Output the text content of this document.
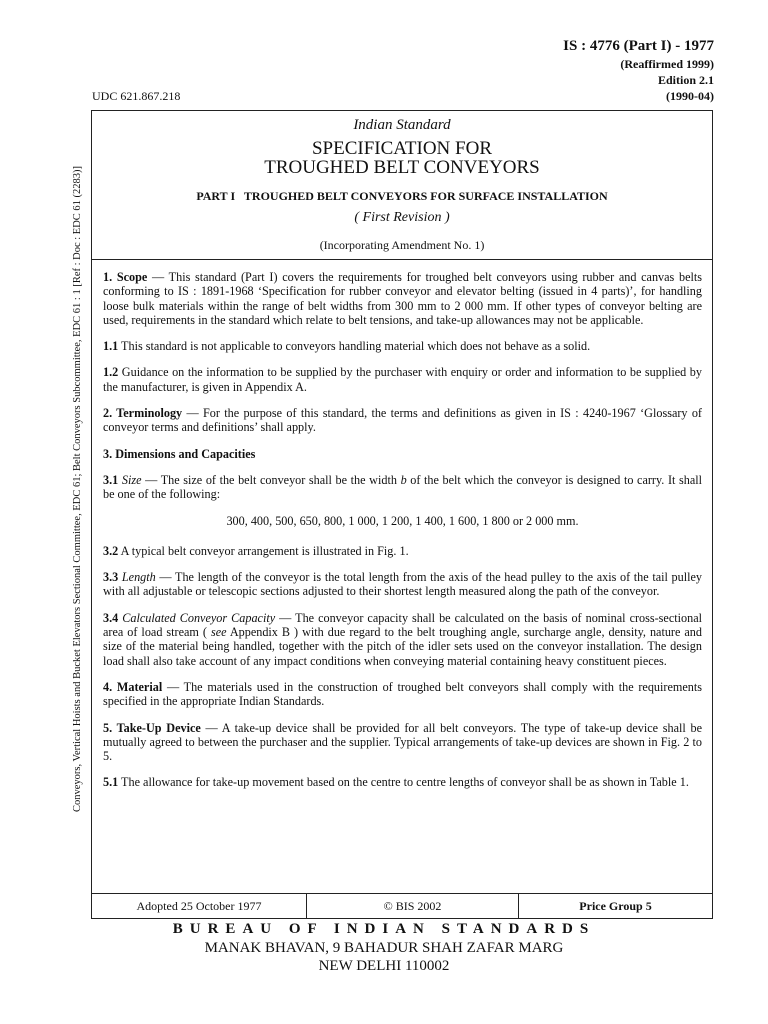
IS : 4776 (Part I) - 1977
(Reaffirmed 1999)
Edition 2.1
(1990-04)
UDC 621.867.218
Conveyors, Vertical Hoists and Bucket Elevators Sectional Committee, EDC 61; Belt Conveyors Subcommittee, EDC 61 : 1 [Ref : Doc : EDC 61 (2283)]
Indian Standard
SPECIFICATION FOR
TROUGHED BELT CONVEYORS
PART I   TROUGHED BELT CONVEYORS FOR SURFACE INSTALLATION
( First Revision )
(Incorporating Amendment No. 1)

1. Scope — This standard (Part I) covers the requirements for troughed belt conveyors using rubber and canvas belts conforming to IS : 1891-1968 ‘Specification for rubber conveyor and elevator belting (issued in 4 parts)’, for handling loose bulk materials within the range of belt widths from 300 mm to 2 000 mm. If other types of conveyor belting are used, requirements in the standard which relate to belt tensions, and take-up allowances may not be applicable.

1.1 This standard is not applicable to conveyors handling material which does not behave as a solid.

1.2 Guidance on the information to be supplied by the purchaser with enquiry or order and information to be supplied by the manufacturer, is given in Appendix A.

2. Terminology — For the purpose of this standard, the terms and definitions as given in IS : 4240-1967 ‘Glossary of conveyor terms and definitions’ shall apply.

3. Dimensions and Capacities

3.1 Size — The size of the belt conveyor shall be the width b of the belt which the conveyor is designed to carry. It shall be one of the following:

300, 400, 500, 650, 800, 1 000, 1 200, 1 400, 1 600, 1 800 or 2 000 mm.

3.2 A typical belt conveyor arrangement is illustrated in Fig. 1.

3.3 Length — The length of the conveyor is the total length from the axis of the head pulley to the axis of the tail pulley with all adjustable or telescopic sections adjusted to their shortest length measured along the path of the conveyor.

3.4 Calculated Conveyor Capacity — The conveyor capacity shall be calculated on the basis of nominal cross-sectional area of load stream ( see Appendix B ) with due regard to the belt troughing angle, surcharge angle, density, nature and size of the material being handled, together with the pitch of the idler sets used on the conveyor installation. The design load shall also take account of any impact conditions when conveying material containing heavy constituent pieces.

4. Material — The materials used in the construction of troughed belt conveyors shall comply with the requirements specified in the appropriate Indian Standards.

5. Take-Up Device — A take-up device shall be provided for all belt conveyors. The type of take-up device shall be mutually agreed to between the purchaser and the supplier. Typical arrangements of take-up devices are shown in Fig. 2 to 5.

5.1 The allowance for take-up movement based on the centre to centre lengths of conveyor shall be as shown in Table 1.

Adopted 25 October 1977	© BIS 2002	Price Group 5
BUREAU OF INDIAN STANDARDS
MANAK BHAVAN, 9 BAHADUR SHAH ZAFAR MARG
NEW DELHI 110002
